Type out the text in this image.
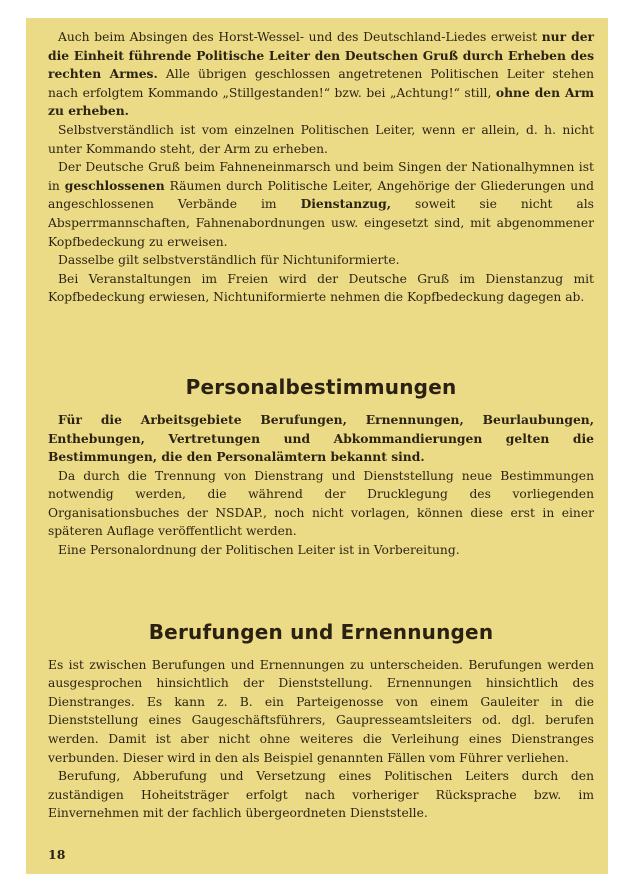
Auch beim Absingen des Horst-Wessel- und des Deutschland-Liedes erweist nur der die Einheit führende Politische Leiter den Deutschen Gruß durch Erheben des rechten Armes. Alle übrigen geschlossen angetretenen Politischen Leiter stehen nach erfolgtem Kommando „Stillgestanden!“ bzw. bei „Achtung!“ still, ohne den Arm zu erheben.

Selbstverständlich ist vom einzelnen Politischen Leiter, wenn er allein, d. h. nicht unter Kommando steht, der Arm zu erheben.

Der Deutsche Gruß beim Fahneneinmarsch und beim Singen der Nationalhymnen ist in geschlossenen Räumen durch Politische Leiter, Angehörige der Gliederungen und angeschlossenen Verbände im Dienstanzug, soweit sie nicht als Absperrmannschaften, Fahnenabordnungen usw. eingesetzt sind, mit abgenommener Kopfbedeckung zu erweisen.

Dasselbe gilt selbstverständlich für Nichtuniformierte.

Bei Veranstaltungen im Freien wird der Deutsche Gruß im Dienstanzug mit Kopfbedeckung erwiesen, Nichtuniformierte nehmen die Kopfbedeckung dagegen ab.

Personalbestimmungen

Für die Arbeitsgebiete Berufungen, Ernennungen, Beurlaubungen, Enthebungen, Vertretungen und Abkommandierungen gelten die Bestimmungen, die den Personalämtern bekannt sind.

Da durch die Trennung von Dienstrang und Dienststellung neue Bestimmungen notwendig werden, die während der Drucklegung des vorliegenden Organisationsbuches der NSDAP., noch nicht vorlagen, können diese erst in einer späteren Auflage veröffentlicht werden.

Eine Personalordnung der Politischen Leiter ist in Vorbereitung.

Berufungen und Ernennungen

Es ist zwischen Berufungen und Ernennungen zu unterscheiden. Berufungen werden ausgesprochen hinsichtlich der Dienststellung. Ernennungen hinsichtlich des Dienstranges. Es kann z. B. ein Parteigenosse von einem Gauleiter in die Dienststellung eines Gaugeschäftsführers, Gaupresseamtsleiters od. dgl. berufen werden. Damit ist aber nicht ohne weiteres die Verleihung eines Dienstranges verbunden. Dieser wird in den als Beispiel genannten Fällen vom Führer verliehen.

Berufung, Abberufung und Versetzung eines Politischen Leiters durch den zuständigen Hoheitsträger erfolgt nach vorheriger Rücksprache bzw. im Einvernehmen mit der fachlich übergeordneten Dienststelle.

18
